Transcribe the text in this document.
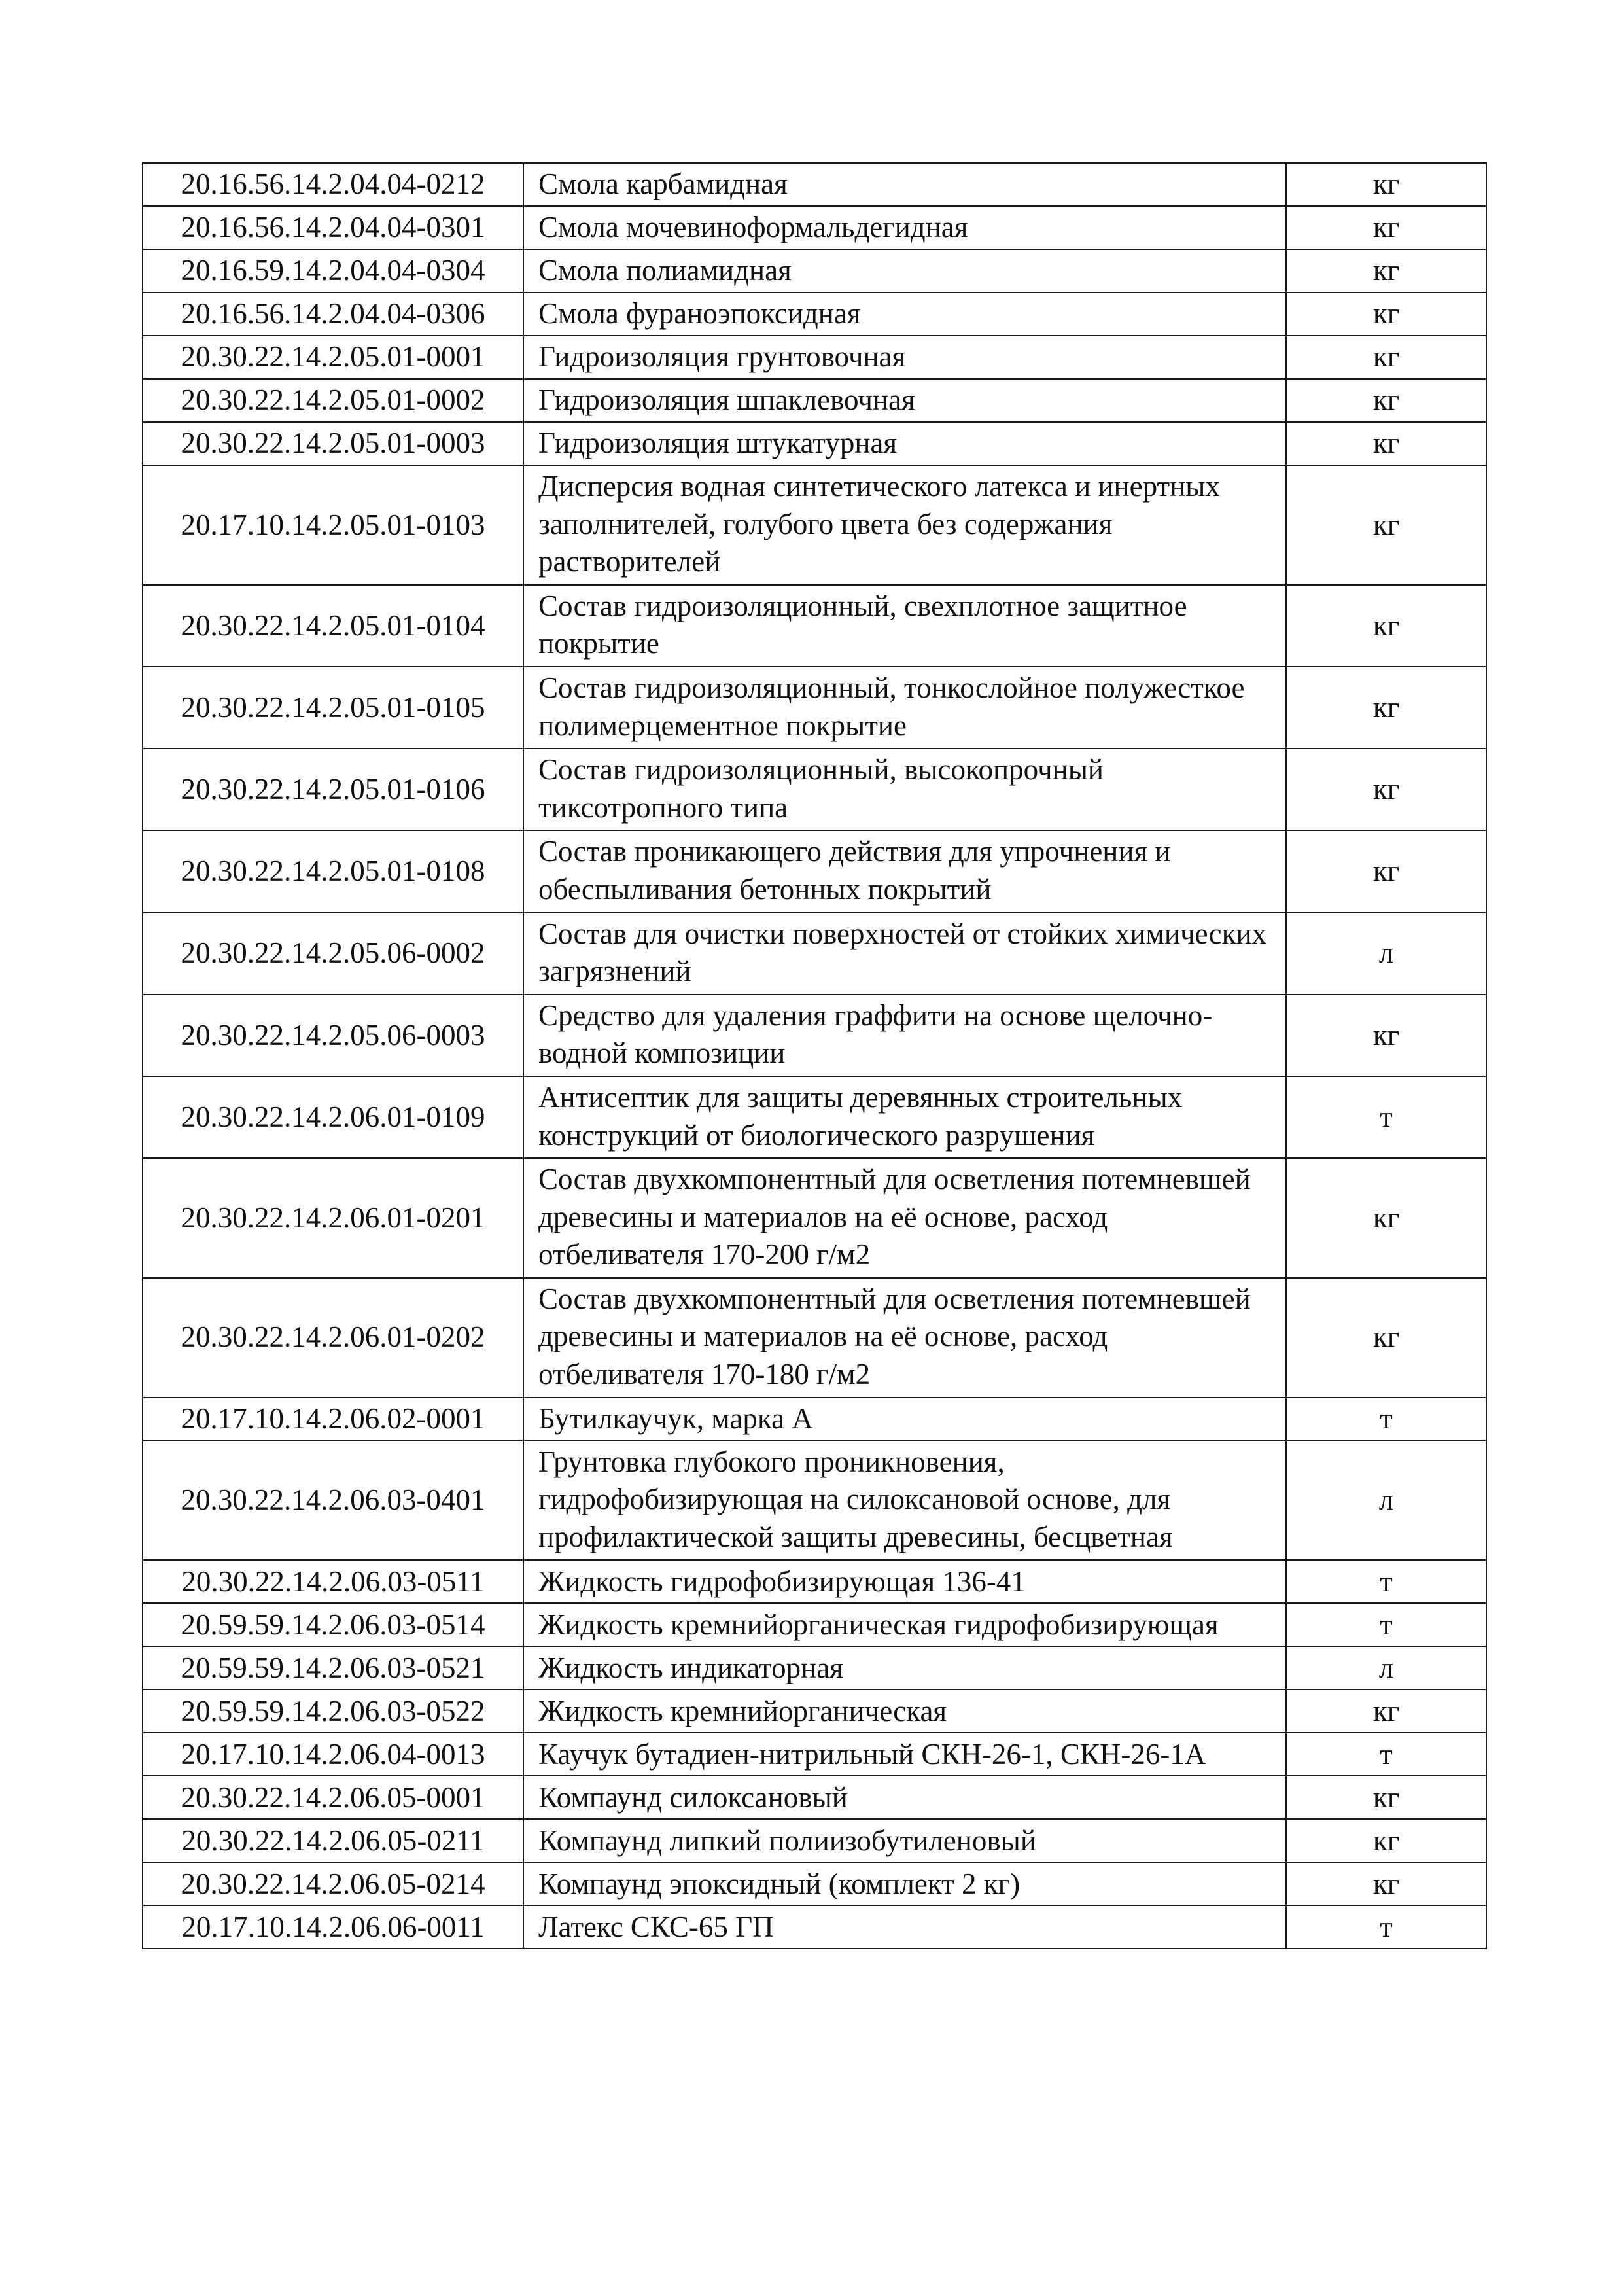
20.16.56.14.2.04.04-0212	Смола карбамидная	кг
20.16.56.14.2.04.04-0301	Смола мочевиноформальдегидная	кг
20.16.59.14.2.04.04-0304	Смола полиамидная	кг
20.16.56.14.2.04.04-0306	Смола фураноэпоксидная	кг
20.30.22.14.2.05.01-0001	Гидроизоляция грунтовочная	кг
20.30.22.14.2.05.01-0002	Гидроизоляция шпаклевочная	кг
20.30.22.14.2.05.01-0003	Гидроизоляция штукатурная	кг
20.17.10.14.2.05.01-0103	Дисперсия водная синтетического латекса и инертных заполнителей, голубого цвета без содержания растворителей	кг
20.30.22.14.2.05.01-0104	Состав гидроизоляционный, свехплотное защитное покрытие	кг
20.30.22.14.2.05.01-0105	Состав гидроизоляционный, тонкослойное полужесткое полимерцементное покрытие	кг
20.30.22.14.2.05.01-0106	Состав гидроизоляционный, высокопрочный тиксотропного типа	кг
20.30.22.14.2.05.01-0108	Состав проникающего действия для упрочнения и обеспыливания бетонных покрытий	кг
20.30.22.14.2.05.06-0002	Состав для очистки поверхностей от стойких химических загрязнений	л
20.30.22.14.2.05.06-0003	Средство для удаления граффити на основе щелочно-водной композиции	кг
20.30.22.14.2.06.01-0109	Антисептик для защиты деревянных строительных конструкций от биологического разрушения	т
20.30.22.14.2.06.01-0201	Состав двухкомпонентный для осветления потемневшей древесины и материалов на её основе, расход отбеливателя 170-200 г/м2	кг
20.30.22.14.2.06.01-0202	Состав двухкомпонентный для осветления потемневшей древесины и материалов на её основе, расход отбеливателя 170-180 г/м2	кг
20.17.10.14.2.06.02-0001	Бутилкаучук, марка А	т
20.30.22.14.2.06.03-0401	Грунтовка глубокого проникновения, гидрофобизирующая на силоксановой основе, для профилактической защиты древесины, бесцветная	л
20.30.22.14.2.06.03-0511	Жидкость гидрофобизирующая 136-41	т
20.59.59.14.2.06.03-0514	Жидкость кремнийорганическая гидрофобизирующая	т
20.59.59.14.2.06.03-0521	Жидкость индикаторная	л
20.59.59.14.2.06.03-0522	Жидкость кремнийорганическая	кг
20.17.10.14.2.06.04-0013	Каучук бутадиен-нитрильный СКН-26-1, СКН-26-1А	т
20.30.22.14.2.06.05-0001	Компаунд силоксановый	кг
20.30.22.14.2.06.05-0211	Компаунд липкий полиизобутиленовый	кг
20.30.22.14.2.06.05-0214	Компаунд эпоксидный (комплект 2 кг)	кг
20.17.10.14.2.06.06-0011	Латекс СКС-65 ГП	т
